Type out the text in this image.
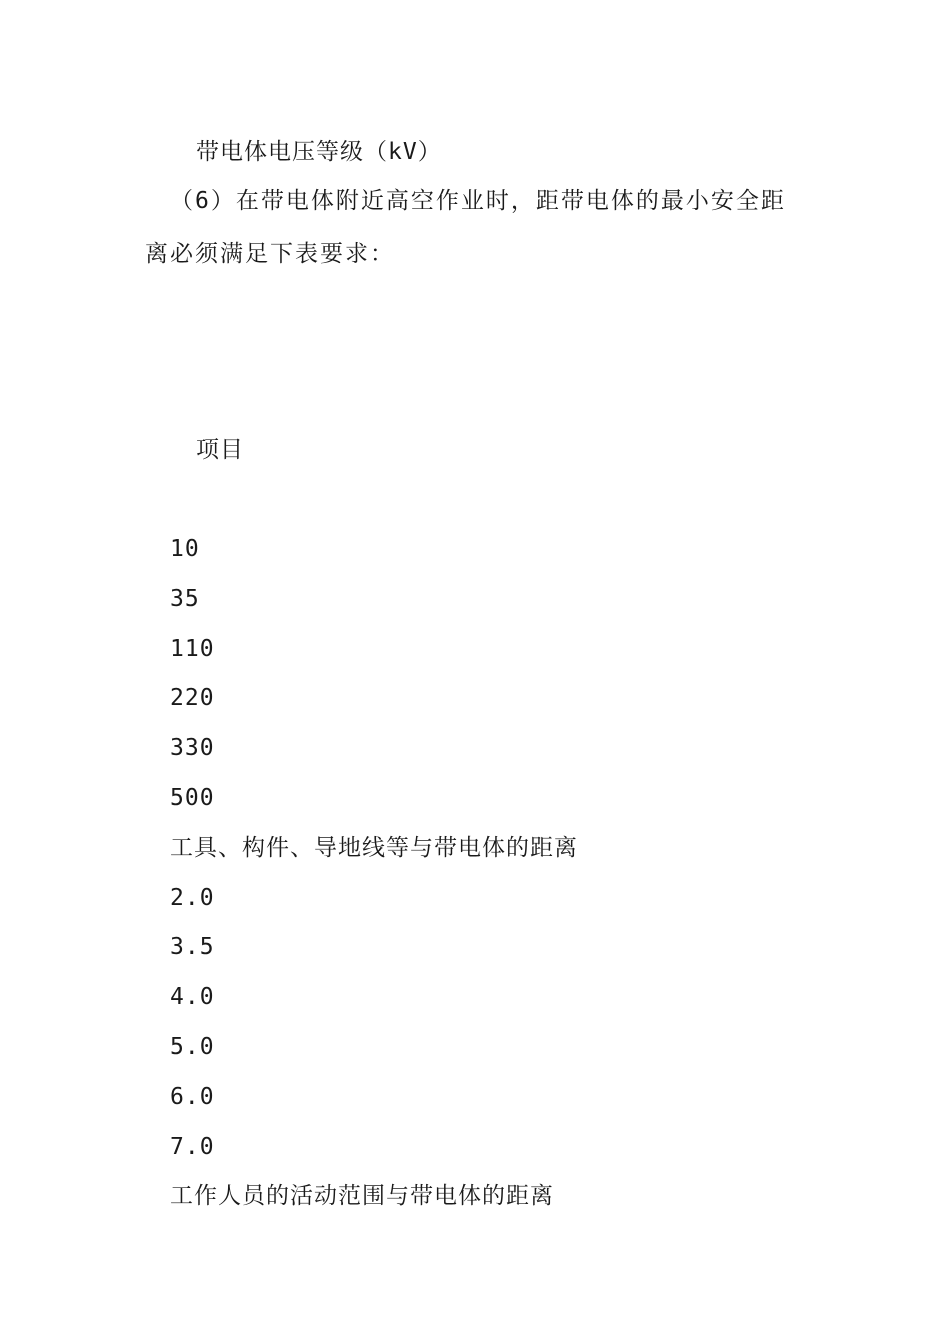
带电体电压等级（kV）
（6）在带电体附近高空作业时，距带电体的最小安全距
离必须满足下表要求：
项目
10
35
110
220
330
500
工具、构件、导地线等与带电体的距离
2.0
3.5
4.0
5.0
6.0
7.0
工作人员的活动范围与带电体的距离
